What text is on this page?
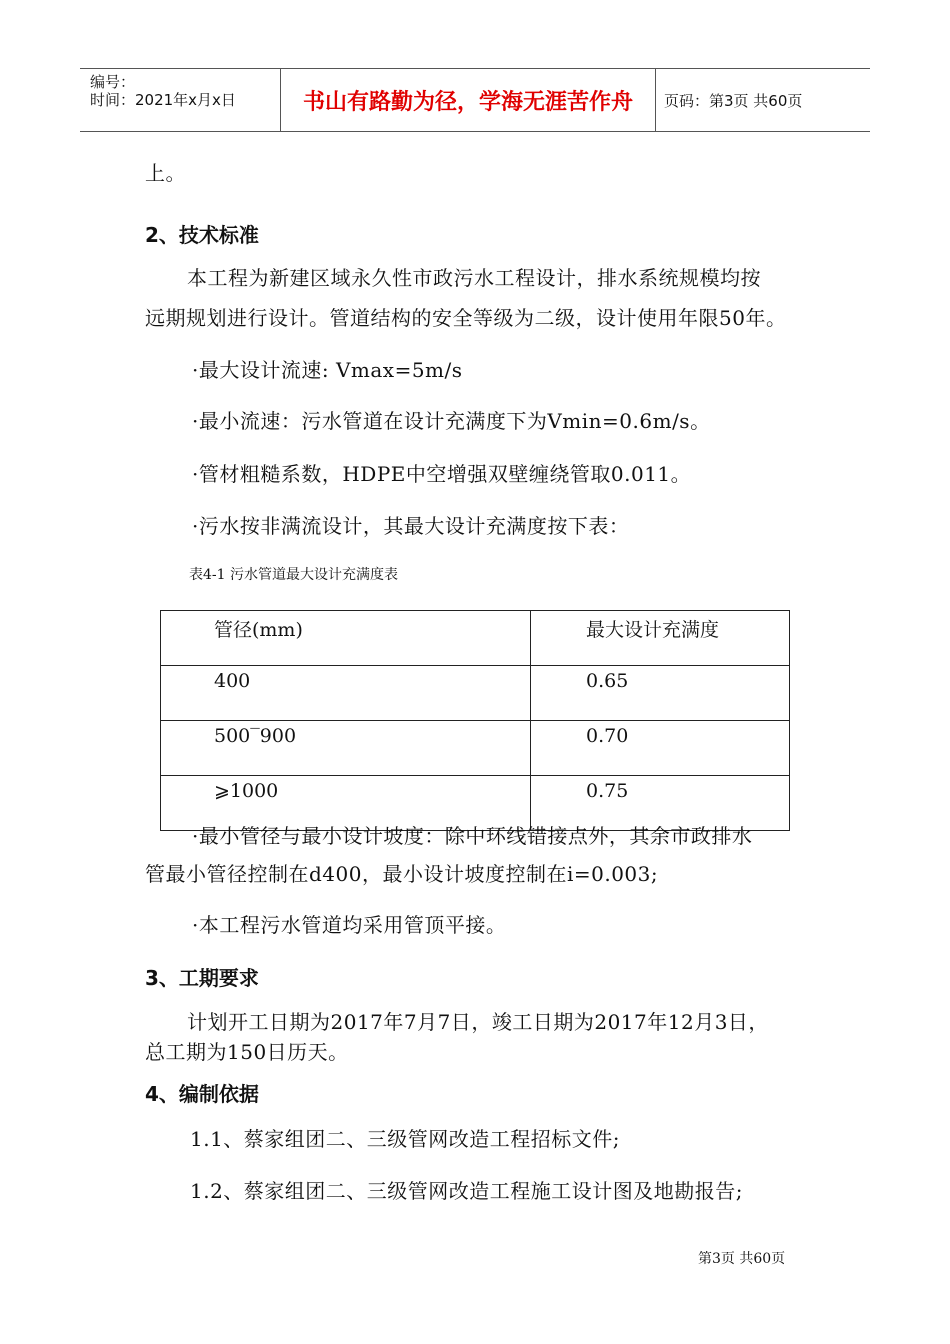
编号：
时间：2021年x月x日	书山有路勤为径，学海无涯苦作舟	页码：第3页 共60页
上。
2、技术标准
本工程为新建区域永久性市政污水工程设计，排水系统规模均按
远期规划进行设计。管道结构的安全等级为二级，设计使用年限50年。
·最大设计流速: Vmax=5m/s
·最小流速：污水管道在设计充满度下为Vmin=0.6m/s。
·管材粗糙系数，HDPE中空增强双壁缠绕管取0.011。
·污水按非满流设计，其最大设计充满度按下表：
表4-1 污水管道最大设计充满度表
管径(mm)	最大设计充满度
400	0.65
500‾900	0.70
⩾1000	0.75
·最小管径与最小设计坡度：除中环线错接点外，其余市政排水
管最小管径控制在d400，最小设计坡度控制在i=0.003;
·本工程污水管道均采用管顶平接。
3、工期要求
计划开工日期为2017年7月7日，竣工日期为2017年12月3日，
总工期为150日历天。
4、编制依据
1.1、蔡家组团二、三级管网改造工程招标文件;
1.2、蔡家组团二、三级管网改造工程施工设计图及地勘报告;
第3页 共60页
